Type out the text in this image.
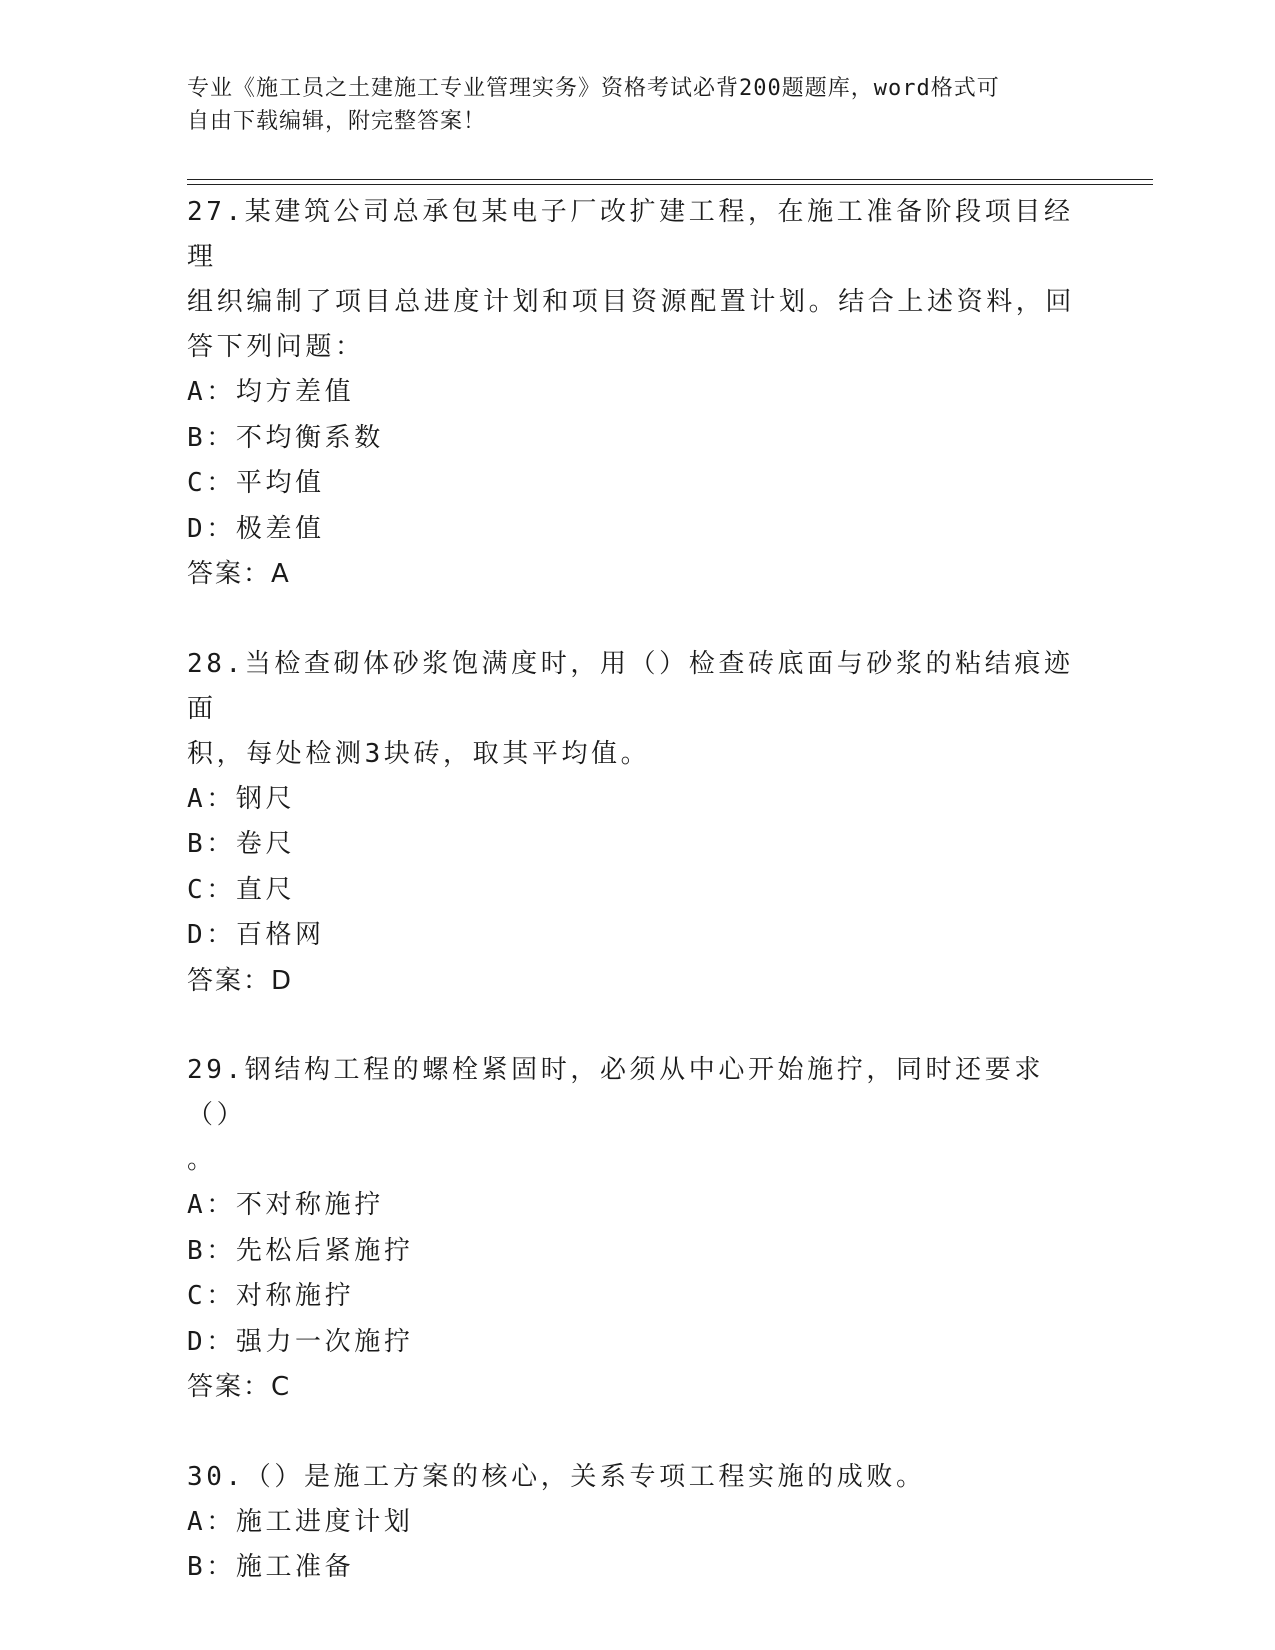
专业《施工员之土建施工专业管理实务》资格考试必背200题题库，word格式可
自由下载编辑，附完整答案！
27.某建筑公司总承包某电子厂改扩建工程，在施工准备阶段项目经理
组织编制了项目总进度计划和项目资源配置计划。结合上述资料，回
答下列问题：
A：均方差值
B：不均衡系数
C：平均值
D：极差值
答案：A
28.当检查砌体砂浆饱满度时，用（）检查砖底面与砂浆的粘结痕迹面
积，每处检测3块砖，取其平均值。
A：钢尺
B：卷尺
C：直尺
D：百格网
答案：D
29.钢结构工程的螺栓紧固时，必须从中心开始施拧，同时还要求（）
。
A：不对称施拧
B：先松后紧施拧
C：对称施拧
D：强力一次施拧
答案：C
30.（）是施工方案的核心，关系专项工程实施的成败。
A：施工进度计划
B：施工准备
